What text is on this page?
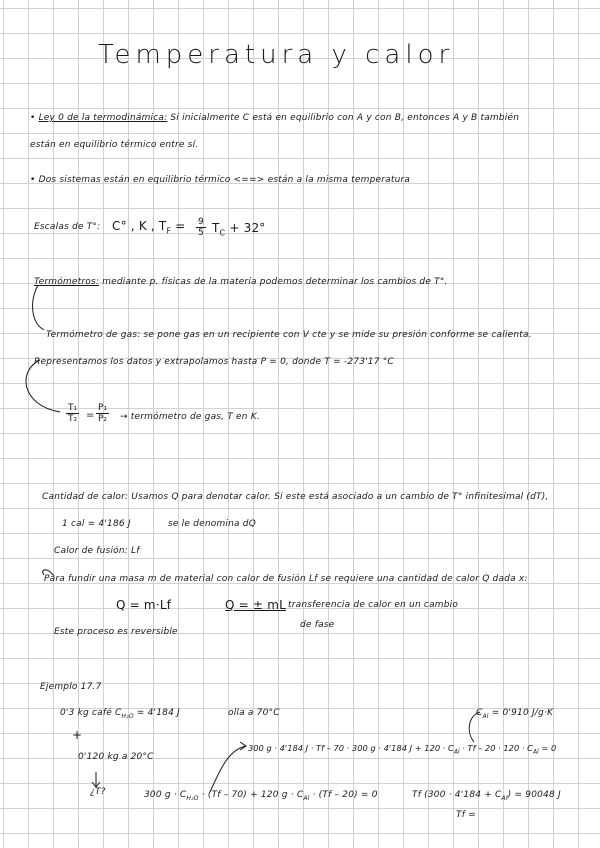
Temperatura y calor
• Ley 0 de la termodinámica: Si inicialmente C está en equilibrio con A y con B, entonces A y B también
están en equilibrio térmico entre sí.
• Dos sistemas están en equilibrio térmico <==> están a la misma temperatura
Escalas de T°: C° , K , $T_F = \frac{9}{5} T_C + 32^\circ$
Termómetros: mediante p. físicas de la materia podemos determinar los cambios de T°.
Termómetro de gas: se pone gas en un recipiente con V cte y se mide su presión conforme se calienta.
Representamos los datos y extrapolamos hasta P = 0, donde T = -273'17 °C
$\frac{\text{T₁}}{\text{T₂}} = \frac{\text{P₁}}{\text{P₂}}$ → termómetro de gas, T en K.
Cantidad de calor: Usamos Q para denotar calor. Si este está asociado a un cambio de T° infinitesimal (dT),
1 cal = 4'186 J	se le denomina dQ
Calor de fusión: Lf
Para fundir una masa m de material con calor de fusión Lf se requiere una cantidad de calor Q dada x:
Q = m·Lf	Q = ± mL transferencia de calor en un cambio
de fase
Este proceso es reversible
Ejemplo 17.7
0'3 kg café $C_{H_2O} = 4'184$ J	olla a 70°C
+
0'120 kg a 20°C
¿T?
$C_{Al} = 0'910$ J/g·K
300 g · 4'184 J · Tf – 70 · 300 g · 4'184 $J + 120 \cdot C_{Al} \cdot Tf - 20 \cdot 120 \cdot C_{Al} = 0$
300 $g \cdot C_{H_2O} \cdot (Tf - 70) + 120$ $g \cdot C_{Al} \cdot (Tf - 20) = 0$	Tf $(300 \cdot 4'184 + C_{Al}) = 90048$ J
Tf =
